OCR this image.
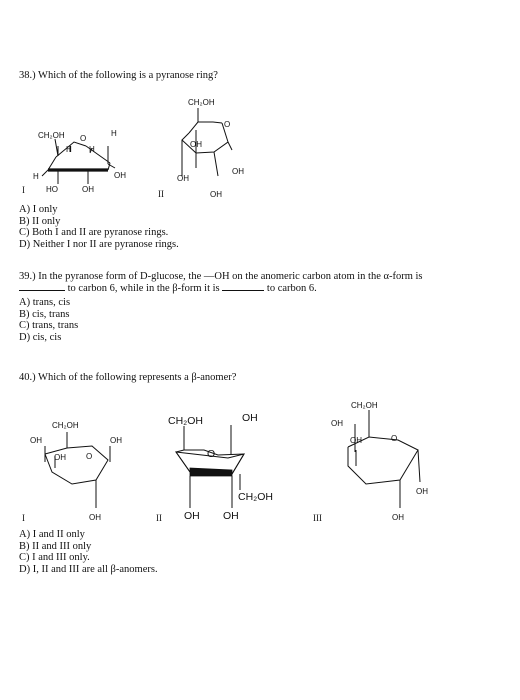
38.) Which of the following is a pyranose ring?

CH₂OH O
H
H H
H	OH
HO	OH
I
CH₂OH
O
OH
OH
OH
OH
II
CH₂OH
OH	OH
OH	O
OH
I
CH₂OH	OH
O
CH₂OH
OH OH
II
CH₂OH
OH
OH	O
OH
OH
III
A) I only
B) II only
C) Both I and II are pyranose rings.
D) Neither I nor II are pyranose rings.
39.) In the pyranose form of D-glucose, the —OH on the anomeric carbon atom in the α-form is
to carbon 6, while in the β-form it is	to carbon 6.
A) trans, cis
B) cis, trans
C) trans, trans
D) cis, cis

40.) Which of the following represents a β-anomer?

A) I and II only
B) II and III only
C) I and III only.
D) I, II and III are all β-anomers.
